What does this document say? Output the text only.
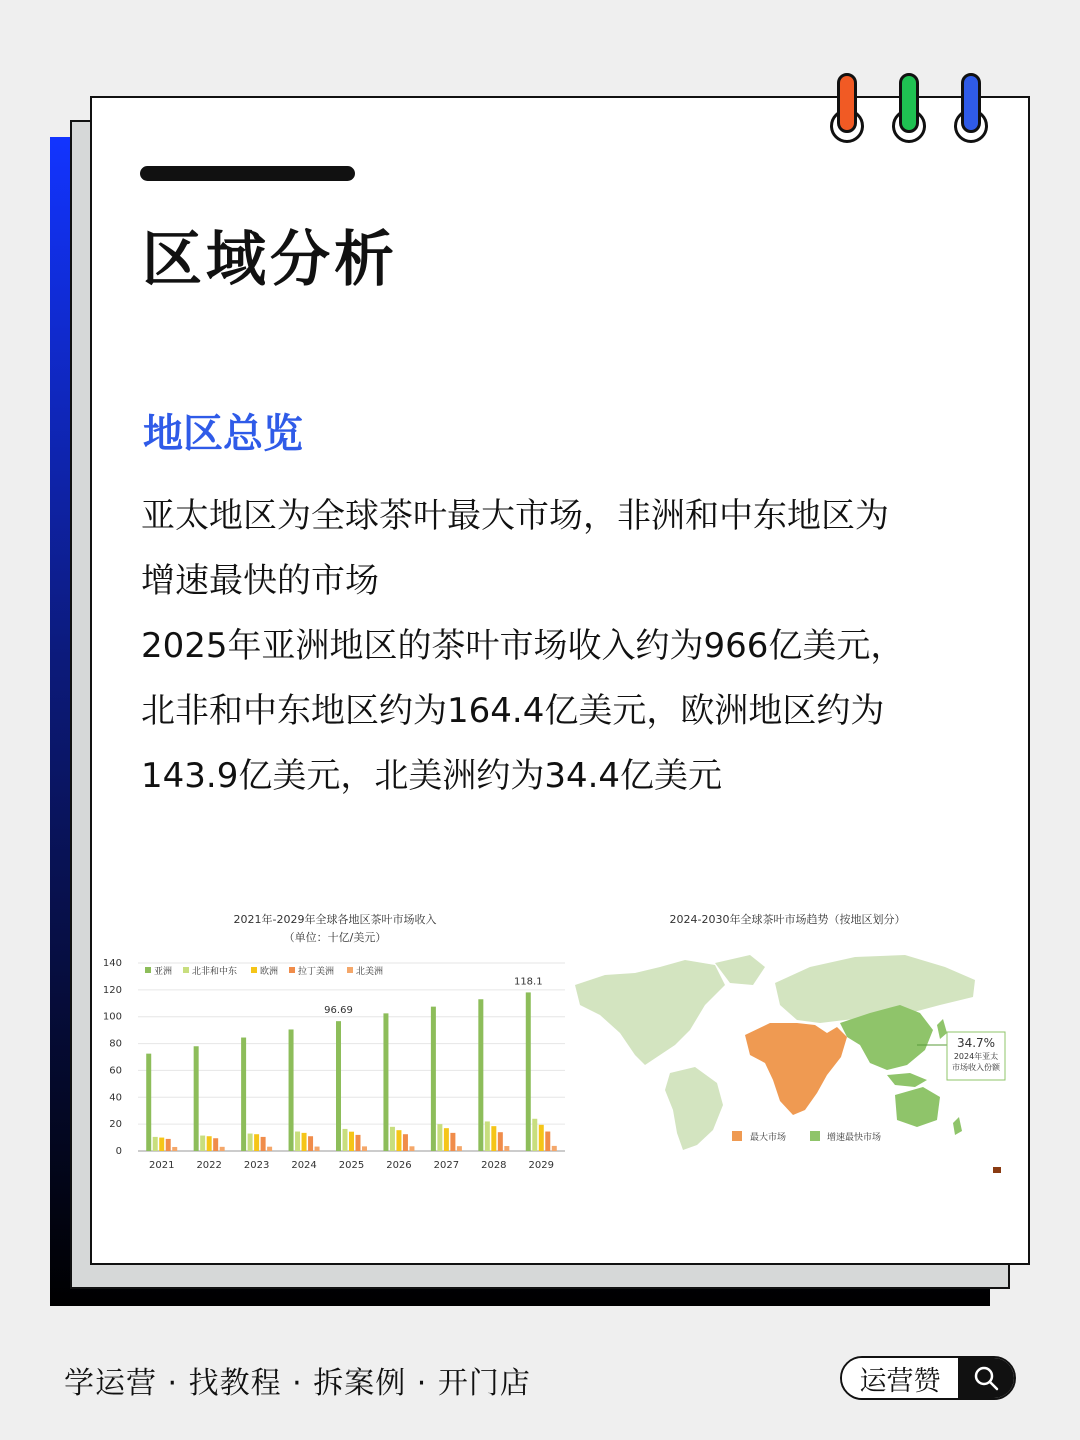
区域分析
地区总览

亚太地区为全球茶叶最大市场，非洲和中东地区为

增速最快的市场

2025年亚洲地区的茶叶市场收入约为966亿美元，

北非和中东地区约为164.4亿美元，欧洲地区约为

143.9亿美元，北美洲约为34.4亿美元

2021年-2029年全球各地区茶叶市场收入
（单位：十亿/美元）
0
20
40
60
80
100
120
140
亚洲 北非和中东	欧洲 拉丁美洲 北美洲
2021 2022 2023 2024 2025 2026 2027 2028 2029
96.69
118.1
2024-2030年全球茶叶市场趋势（按地区划分）
34.7%
2024年亚太
市场收入份额
最大市场	增速最快市场
学运营 · 找教程 · 拆案例 · 开门店	运营赞
